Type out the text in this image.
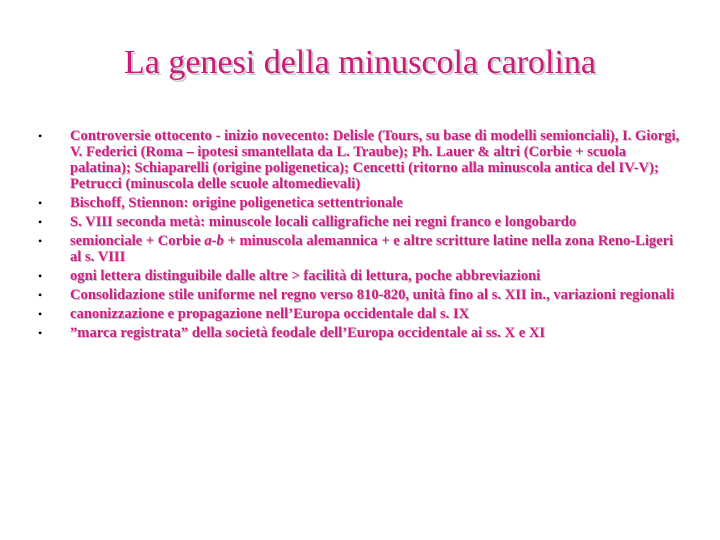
La genesi della minuscola carolina
•	Controversie ottocento - inizio novecento: Delisle (Tours, su base di modelli semionciali), I. Giorgi, V. Federici (Roma – ipotesi smantellata da L. Traube); Ph. Lauer & altri (Corbie + scuola palatina); Schiaparelli (origine poligenetica); Cencetti (ritorno alla minuscola antica del IV-V); Petrucci (minuscola delle scuole altomedievali)
•	Bischoff, Stiennon: origine poligenetica settentrionale
•	S. VIII seconda metà: minuscole locali calligrafiche nei regni franco e longobardo
•	semionciale + Corbie a-b + minuscola alemannica + e altre scritture latine nella zona Reno-Ligeri al s. VIII
•	ogni lettera distinguibile dalle altre > facilità di lettura, poche abbreviazioni
•	Consolidazione stile uniforme nel regno verso 810-820, unità fino al s. XII in., variazioni regionali
•	canonizzazione e propagazione nell’Europa occidentale dal s. IX
•	”marca registrata” della società feodale dell’Europa occidentale ai ss. X e XI
